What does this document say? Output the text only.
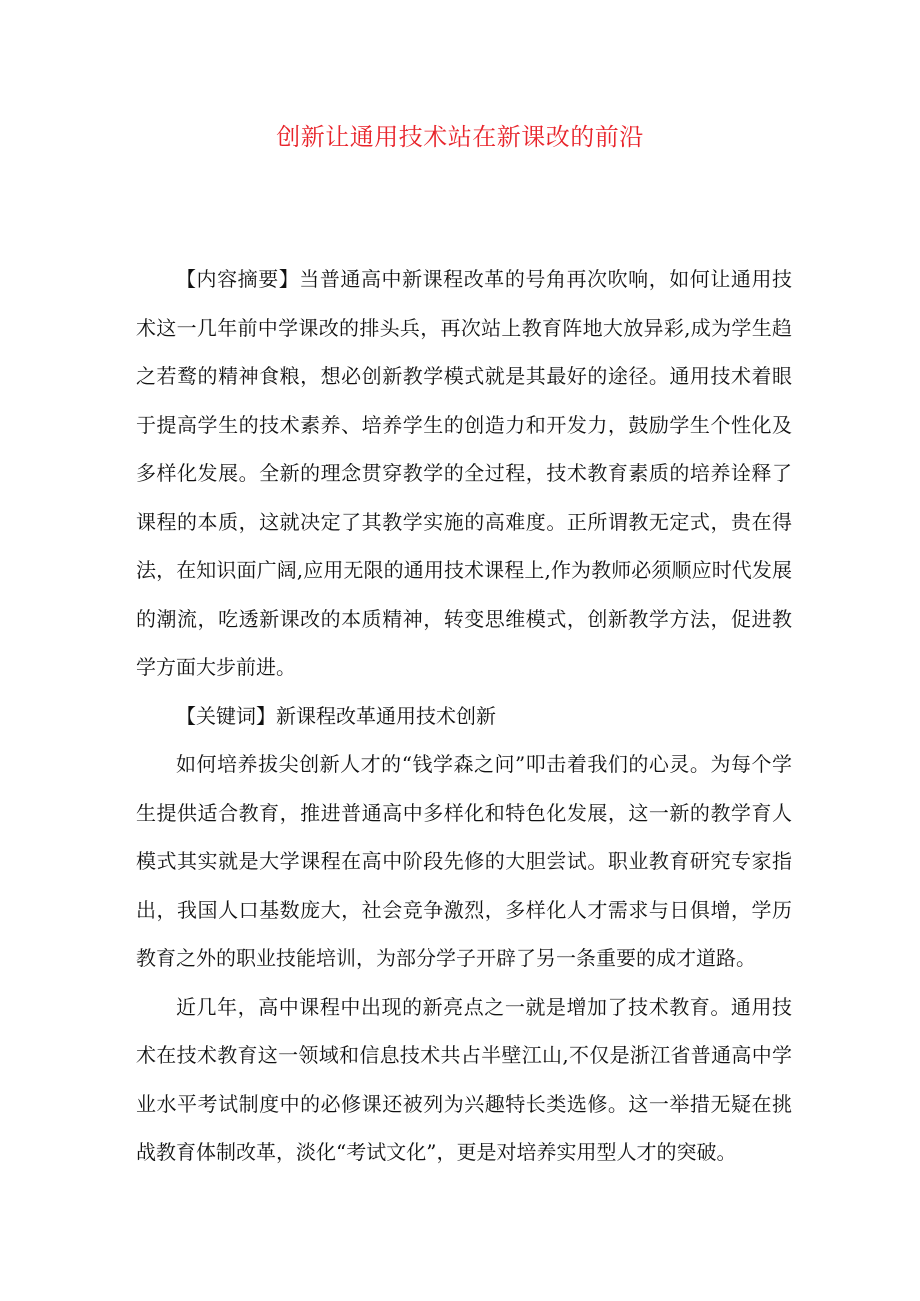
创新让通用技术站在新课改的前沿

【内容摘要】当普通高中新课程改革的号角再次吹响，如何让通用技术这一几年前中学课改的排头兵，再次站上教育阵地大放异彩,成为学生趋之若鹜的精神食粮，想必创新教学模式就是其最好的途径。通用技术着眼于提高学生的技术素养、培养学生的创造力和开发力，鼓励学生个性化及多样化发展。全新的理念贯穿教学的全过程，技术教育素质的培养诠释了课程的本质，这就决定了其教学实施的高难度。正所谓教无定式，贵在得法，在知识面广阔,应用无限的通用技术课程上,作为教师必须顺应时代发展的潮流，吃透新课改的本质精神，转变思维模式，创新教学方法，促进教学方面大步前进。

【关键词】新课程改革通用技术创新

如何培养拔尖创新人才的“钱学森之问”叩击着我们的心灵。为每个学生提供适合教育，推进普通高中多样化和特色化发展，这一新的教学育人模式其实就是大学课程在高中阶段先修的大胆尝试。职业教育研究专家指出，我国人口基数庞大，社会竞争激烈，多样化人才需求与日俱增，学历教育之外的职业技能培训，为部分学子开辟了另一条重要的成才道路。

近几年，高中课程中出现的新亮点之一就是增加了技术教育。通用技术在技术教育这一领域和信息技术共占半壁江山,不仅是浙江省普通高中学业水平考试制度中的必修课还被列为兴趣特长类选修。这一举措无疑在挑战教育体制改革，淡化“考试文化”，更是对培养实用型人才的突破。
